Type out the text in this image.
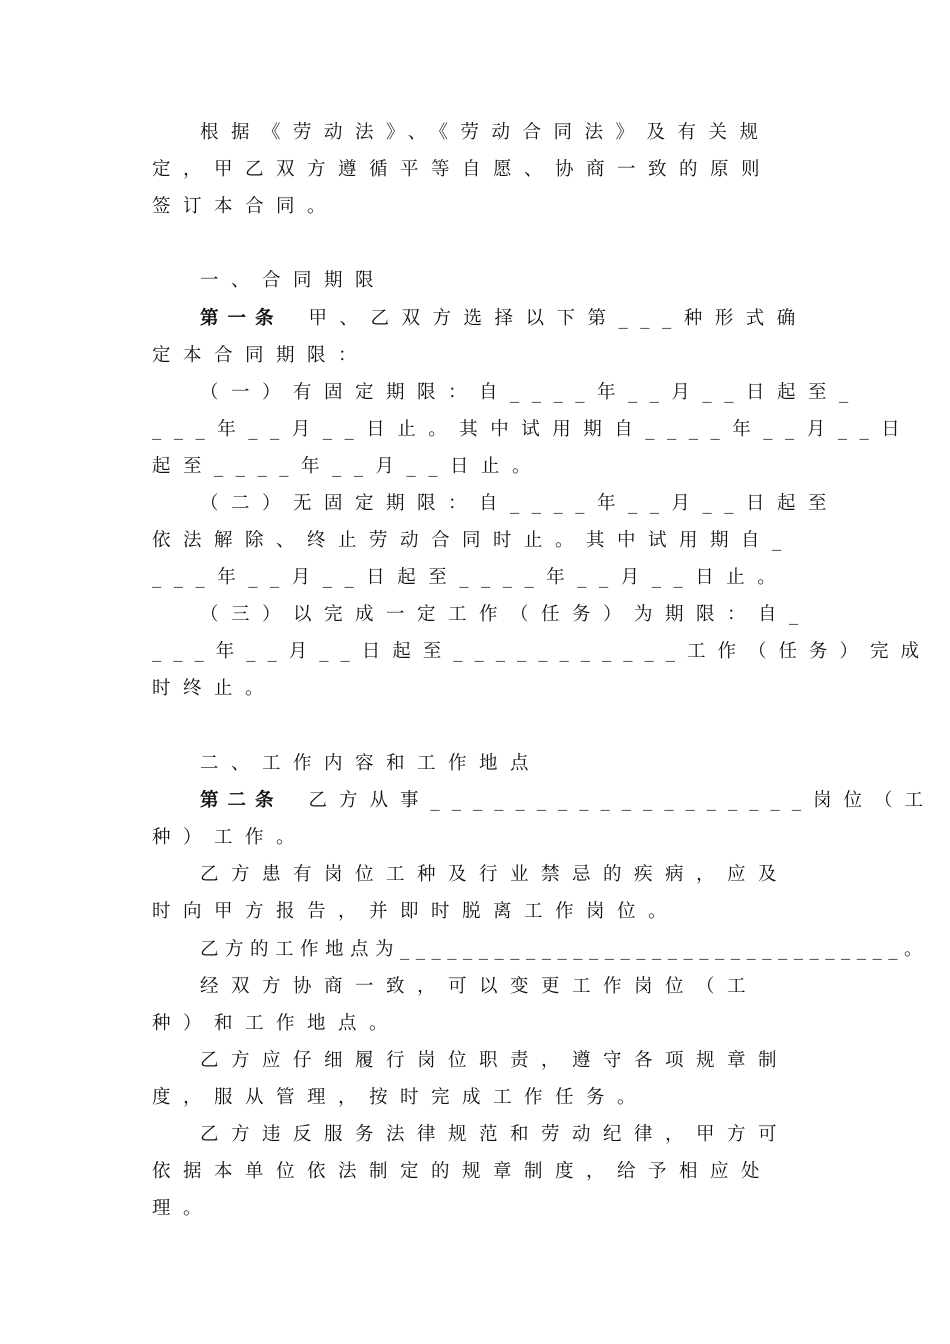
根据《劳动法》、《劳动合同法》及有关规
定，甲乙双方遵循平等自愿、协商一致的原则
签订本合同。
一、合同期限
第一条 甲、乙双方选择以下第___种形式确
定本合同期限：
（一）有固定期限：自____年__月__日起至_
___年__月__日止。其中试用期自____年__月__日
起至____年__月__日止。
（二）无固定期限：自____年__月__日起至
依法解除、终止劳动合同时止。其中试用期自_
___年__月__日起至____年__月__日止。
（三）以完成一定工作（任务）为期限：自_
___年__月__日起至___________工作（任务）完成
时终止。
二、工作内容和工作地点
第二条 乙方从事__________________岗位（工
种）工作。
乙方患有岗位工种及行业禁忌的疾病，应及
时向甲方报告，并即时脱离工作岗位。
乙方的工作地点为________________________________。
经双方协商一致，可以变更工作岗位（工
种）和工作地点。
乙方应仔细履行岗位职责，遵守各项规章制
度，服从管理，按时完成工作任务。
乙方违反服务法律规范和劳动纪律，甲方可
依据本单位依法制定的规章制度，给予相应处
理。
